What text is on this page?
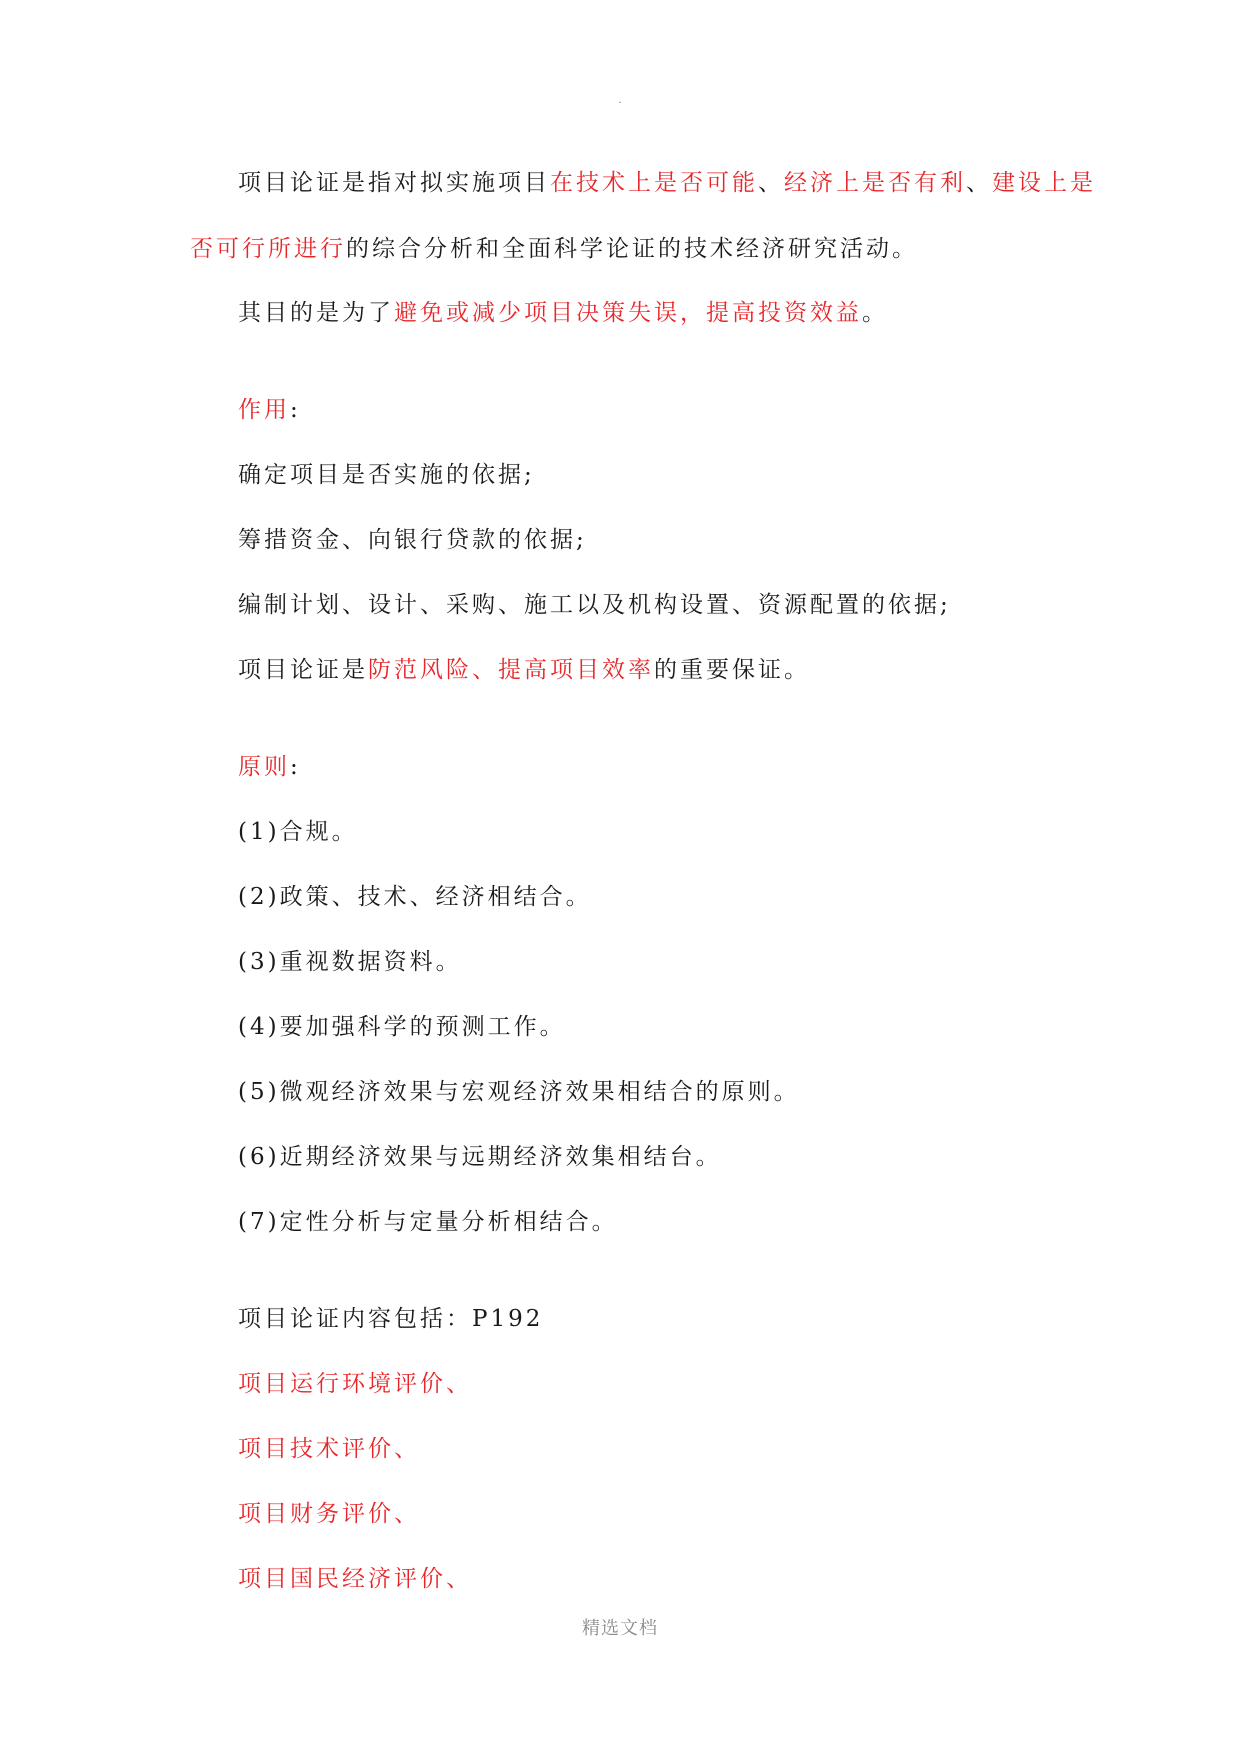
.
项目论证是指对拟实施项目在技术上是否可能、经济上是否有利、建设上是
否可行所进行的综合分析和全面科学论证的技术经济研究活动。
其目的是为了避免或减少项目决策失误，提高投资效益。
作用:
确定项目是否实施的依据;
筹措资金、向银行贷款的依据;
编制计划、设计、采购、施工以及机构设置、资源配置的依据;
项目论证是防范风险、提高项目效率的重要保证。
原则:
(1)合规。
(2)政策、技术、经济相结合。
(3)重视数据资料。
(4)要加强科学的预测工作。
(5)微观经济效果与宏观经济效果相结合的原则。
(6)近期经济效果与远期经济效集相结台。
(7)定性分析与定量分析相结合。
项目论证内容包括：P192
项目运行环境评价、
项目技术评价、
项目财务评价、
项目国民经济评价、
精选文档
